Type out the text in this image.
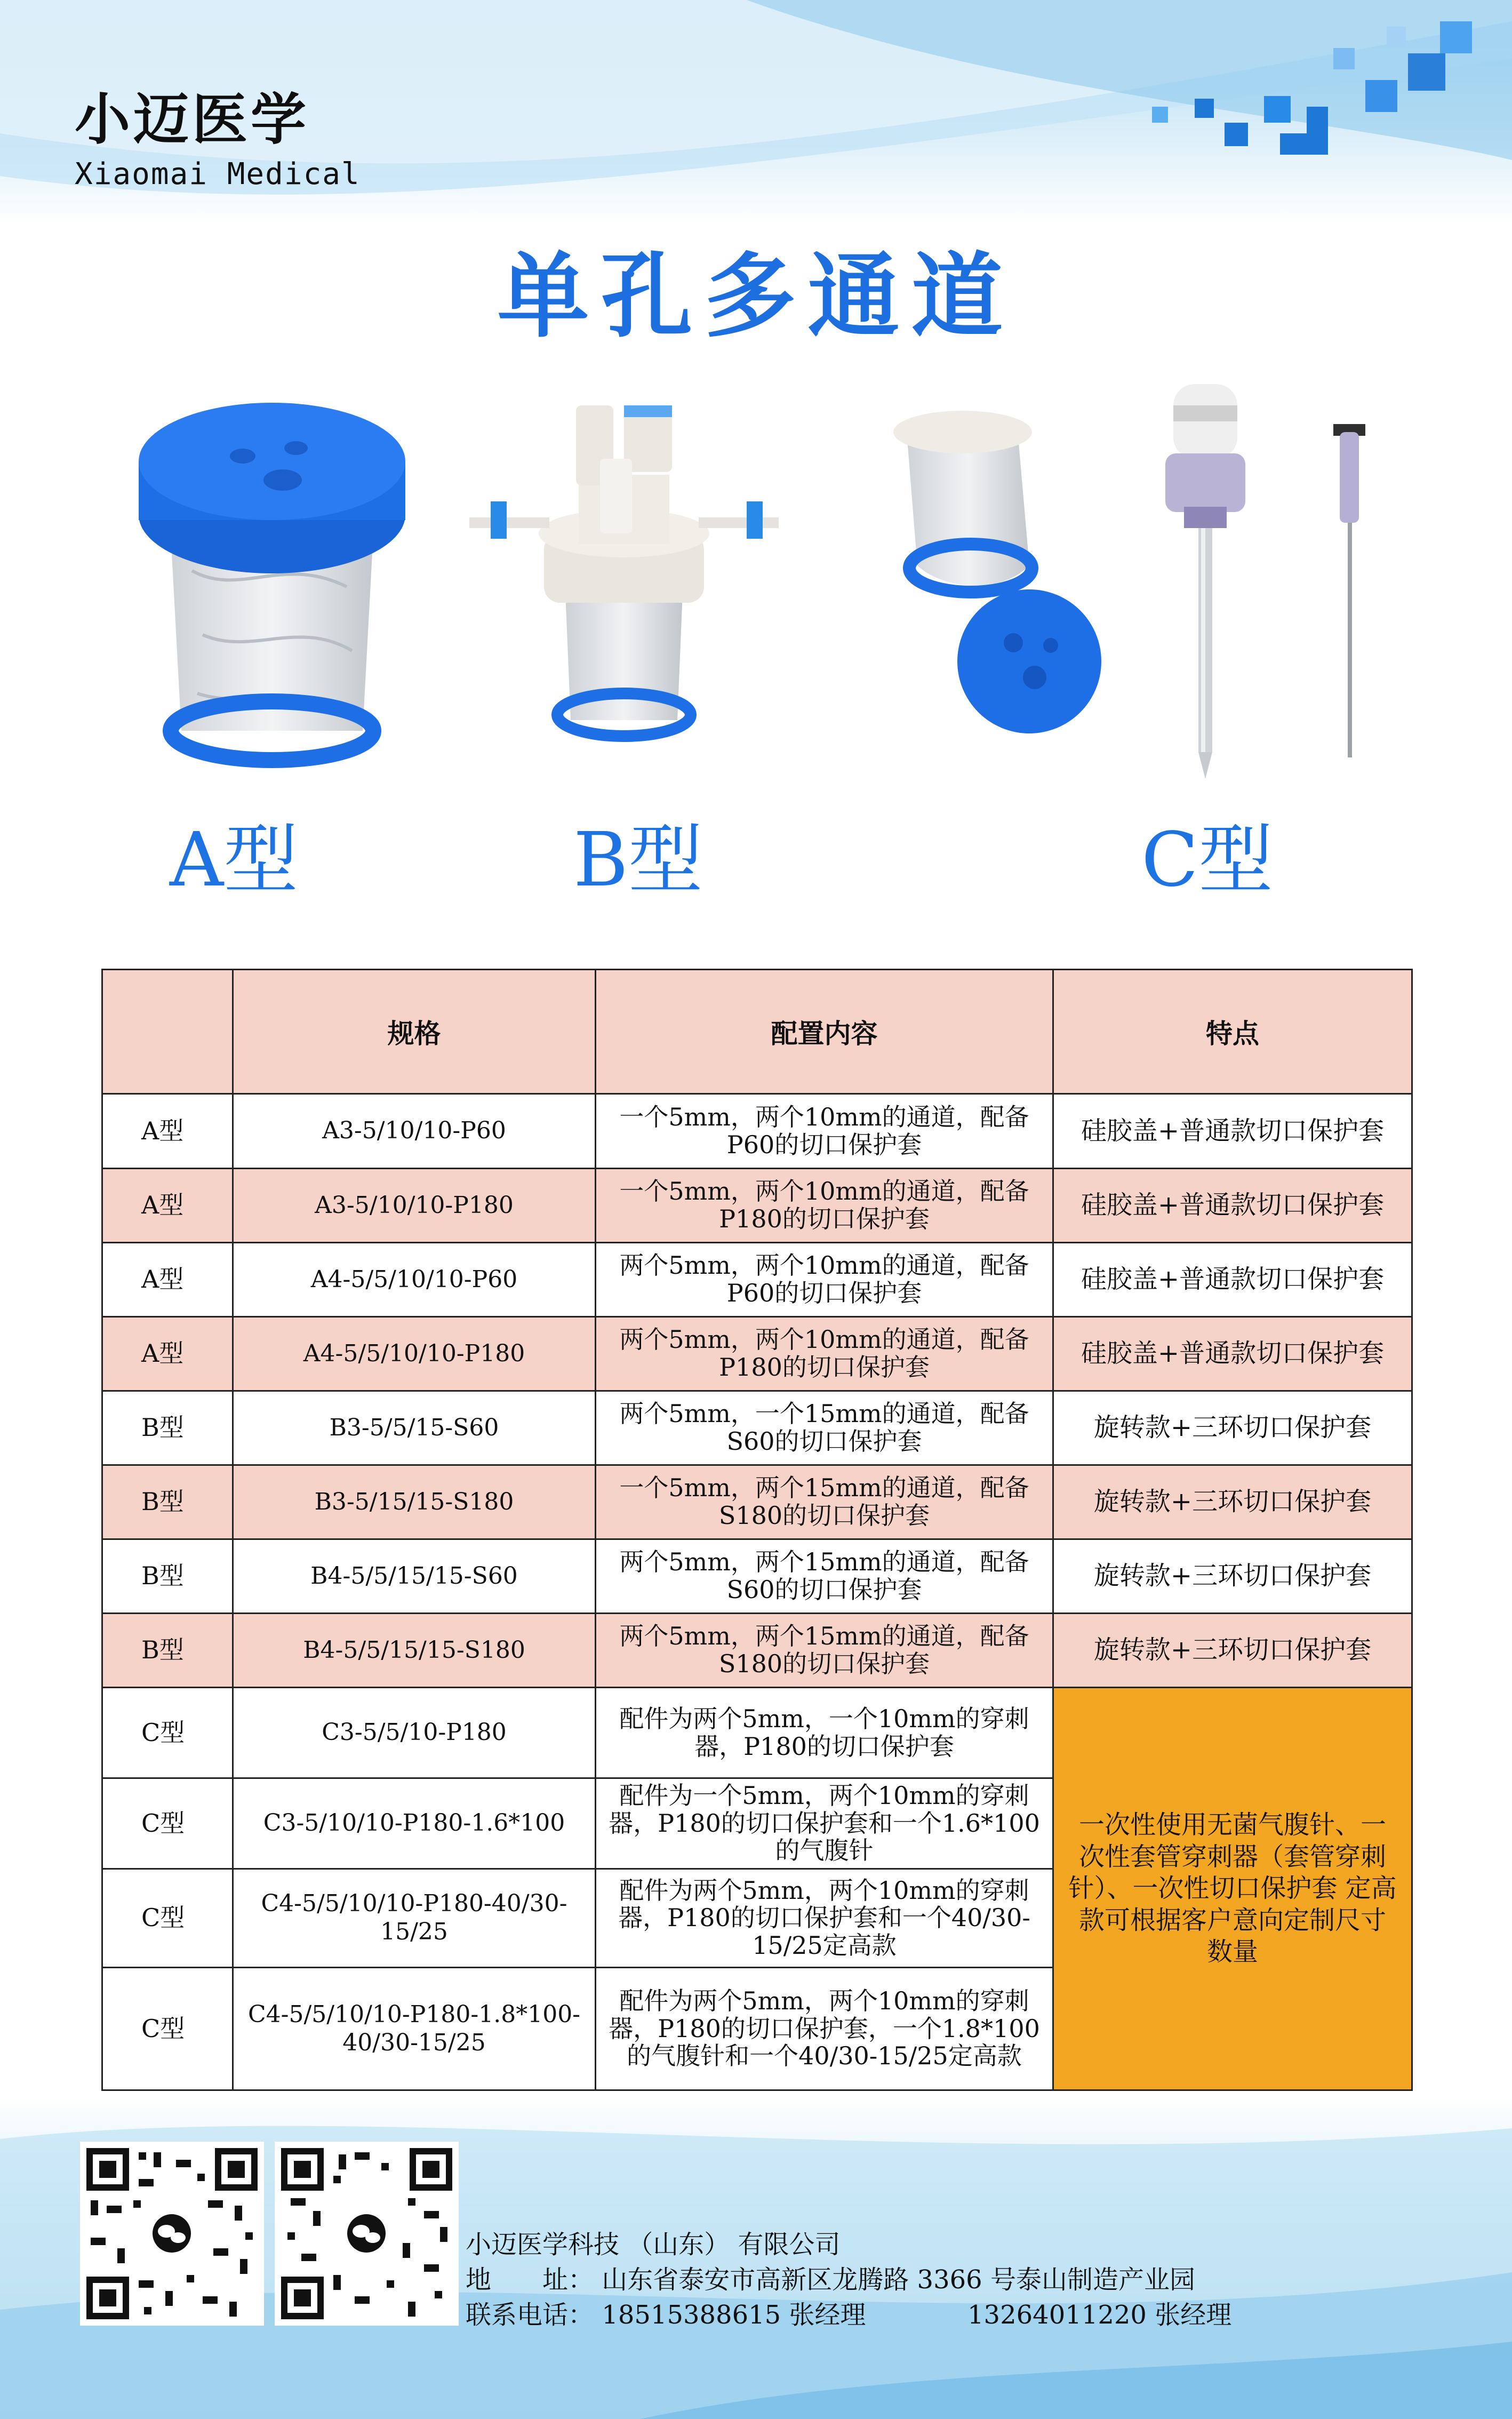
小迈医学
Xiaomai Medical
单孔多通道
A型	B型	C型
	规格	配置内容	特点
A型	A3-5/10/10-P60	一个5mm，两个10mm的通道，配备P60的切口保护套	硅胶盖+普通款切口保护套
A型	A3-5/10/10-P180	一个5mm，两个10mm的通道，配备P180的切口保护套	硅胶盖+普通款切口保护套
A型	A4-5/5/10/10-P60	两个5mm，两个10mm的通道，配备P60的切口保护套	硅胶盖+普通款切口保护套
A型	A4-5/5/10/10-P180	两个5mm，两个10mm的通道，配备P180的切口保护套	硅胶盖+普通款切口保护套
B型	B3-5/5/15-S60	两个5mm，一个15mm的通道，配备S60的切口保护套	旋转款+三环切口保护套
B型	B3-5/15/15-S180	一个5mm，两个15mm的通道，配备S180的切口保护套	旋转款+三环切口保护套
B型	B4-5/5/15/15-S60	两个5mm，两个15mm的通道，配备S60的切口保护套	旋转款+三环切口保护套
B型	B4-5/5/15/15-S180	两个5mm，两个15mm的通道，配备S180的切口保护套	旋转款+三环切口保护套
C型	C3-5/5/10-P180	配件为两个5mm，一个10mm的穿刺器，P180的切口保护套	一次性使用无菌气腹针、一次性套管穿刺器（套管穿刺针）、一次性切口保护套 定高款可根据客户意向定制尺寸数量
C型	C3-5/10/10-P180-1.6*100	配件为一个5mm，两个10mm的穿刺器，P180的切口保护套和一个1.6*100的气腹针	
C型	C4-5/5/10/10-P180-40/30-15/25	配件为两个5mm，两个10mm的穿刺器，P180的切口保护套和一个40/30-15/25定高款	
C型	C4-5/5/10/10-P180-1.8*100-40/30-15/25	配件为两个5mm，两个10mm的穿刺器，P180的切口保护套，一个1.8*100的气腹针和一个40/30-15/25定高款	
小迈医学科技 （山东） 有限公司
地　　址： 山东省泰安市高新区龙腾路 3366 号泰山制造产业园
联系电话： 18515388615 张经理	13264011220 张经理
